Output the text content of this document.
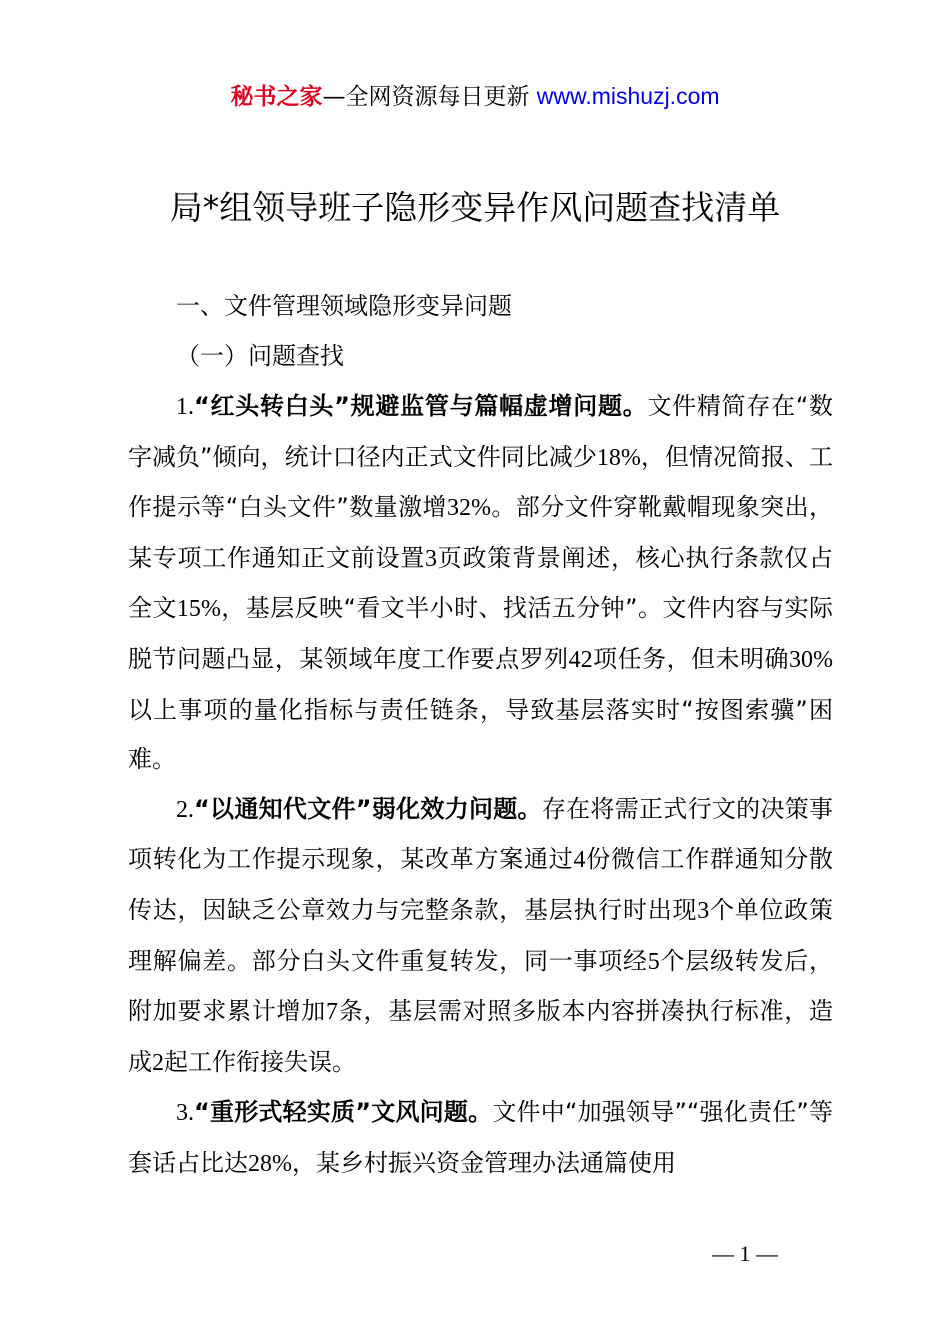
秘书之家—全网资源每日更新 www.mishuzj.com
局*组领导班子隐形变异作风问题查找清单

一、文件管理领域隐形变异问题

（一）问题查找

1.“红头转白头”规避监管与篇幅虚增问题。文件精简存在“数字减负”倾向，统计口径内正式文件同比减少18%，但情况简报、工作提示等“白头文件”数量激增32%。部分文件穿靴戴帽现象突出，某专项工作通知正文前设置3页政策背景阐述，核心执行条款仅占全文15%，基层反映“看文半小时、找活五分钟”。文件内容与实际脱节问题凸显，某领域年度工作要点罗列42项任务，但未明确30%以上事项的量化指标与责任链条，导致基层落实时“按图索骥”困难。

2.“以通知代文件”弱化效力问题。存在将需正式行文的决策事项转化为工作提示现象，某改革方案通过4份微信工作群通知分散传达，因缺乏公章效力与完整条款，基层执行时出现3个单位政策理解偏差。部分白头文件重复转发，同一事项经5个层级转发后，附加要求累计增加7条，基层需对照多版本内容拼凑执行标准，造成2起工作衔接失误。

3.“重形式轻实质”文风问题。文件中“加强领导”“强化责任”等套话占比达28%，某乡村振兴资金管理办法通篇使用

— 1 —
